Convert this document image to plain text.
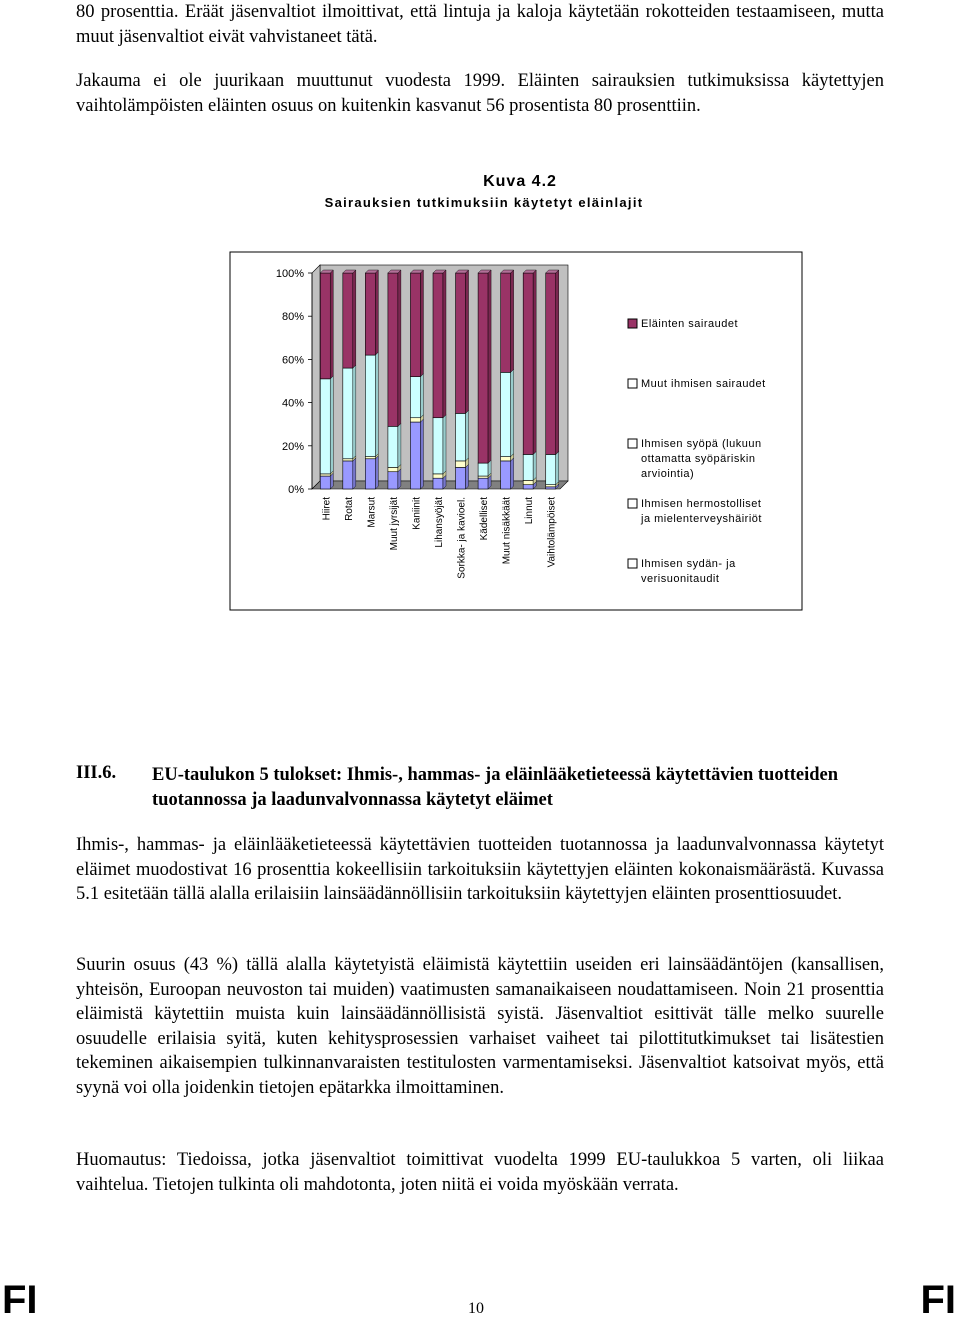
80 prosenttia. Eräät jäsenvaltiot ilmoittivat, että lintuja ja kaloja käytetään rokotteiden testaamiseen, mutta muut jäsenvaltiot eivät vahvistaneet tätä.

Jakauma ei ole juurikaan muuttunut vuodesta 1999. Eläinten sairauksien tutkimuksissa käytettyjen vaihtolämpöisten eläinten osuus on kuitenkin kasvanut 56 prosentista 80 prosenttiin.

Kuva 4.2
Sairauksien tutkimuksiin käytetyt eläinlajit
0%
20%
40%
60%
80%
100%
Hiiret Rotat Marsut Muut jyrsijät Kaniinit Lihansyöjät Sorkka- ja kavioel. Kädelliset Muut nisäkkäät Linnut Vaihtolämpöiset
Eläinten sairaudet
Muut ihmisen sairaudet
Ihmisen syöpä (lukuun
ottamatta syöpäriskin
arviointia)
Ihmisen hermostolliset
ja mielenterveyshäiriöt
Ihmisen sydän- ja
verisuonitaudit
III.6. EU-taulukon 5 tulokset: Ihmis-, hammas- ja eläinlääketieteessä käytettävien tuotteiden tuotannossa ja laadunvalvonnassa käytetyt eläimet

Ihmis-, hammas- ja eläinlääketieteessä käytettävien tuotteiden tuotannossa ja laadunvalvonnassa käytetyt eläimet muodostivat 16 prosenttia kokeellisiin tarkoituksiin käytettyjen eläinten kokonaismäärästä. Kuvassa 5.1 esitetään tällä alalla erilaisiin lainsäädännöllisiin tarkoituksiin käytettyjen eläinten prosenttiosuudet.

Suurin osuus (43 %) tällä alalla käytetyistä eläimistä käytettiin useiden eri lainsäädäntöjen (kansallisen, yhteisön, Euroopan neuvoston tai muiden) vaatimusten samanaikaiseen noudattamiseen. Noin 21 prosenttia eläimistä käytettiin muista kuin lainsäädännöllisistä syistä. Jäsenvaltiot esittivät tälle melko suurelle osuudelle erilaisia syitä, kuten kehitysprosessien varhaiset vaiheet tai pilottitutkimukset tai lisätestien tekeminen aikaisempien tulkinnanvaraisten testitulosten varmentamiseksi. Jäsenvaltiot katsoivat myös, että syynä voi olla joidenkin tietojen epätarkka ilmoittaminen.

Huomautus: Tiedoissa, jotka jäsenvaltiot toimittivat vuodelta 1999 EU-taulukkoa 5 varten, oli liikaa vaihtelua. Tietojen tulkinta oli mahdotonta, joten niitä ei voida myöskään verrata.

FI	10	FI
